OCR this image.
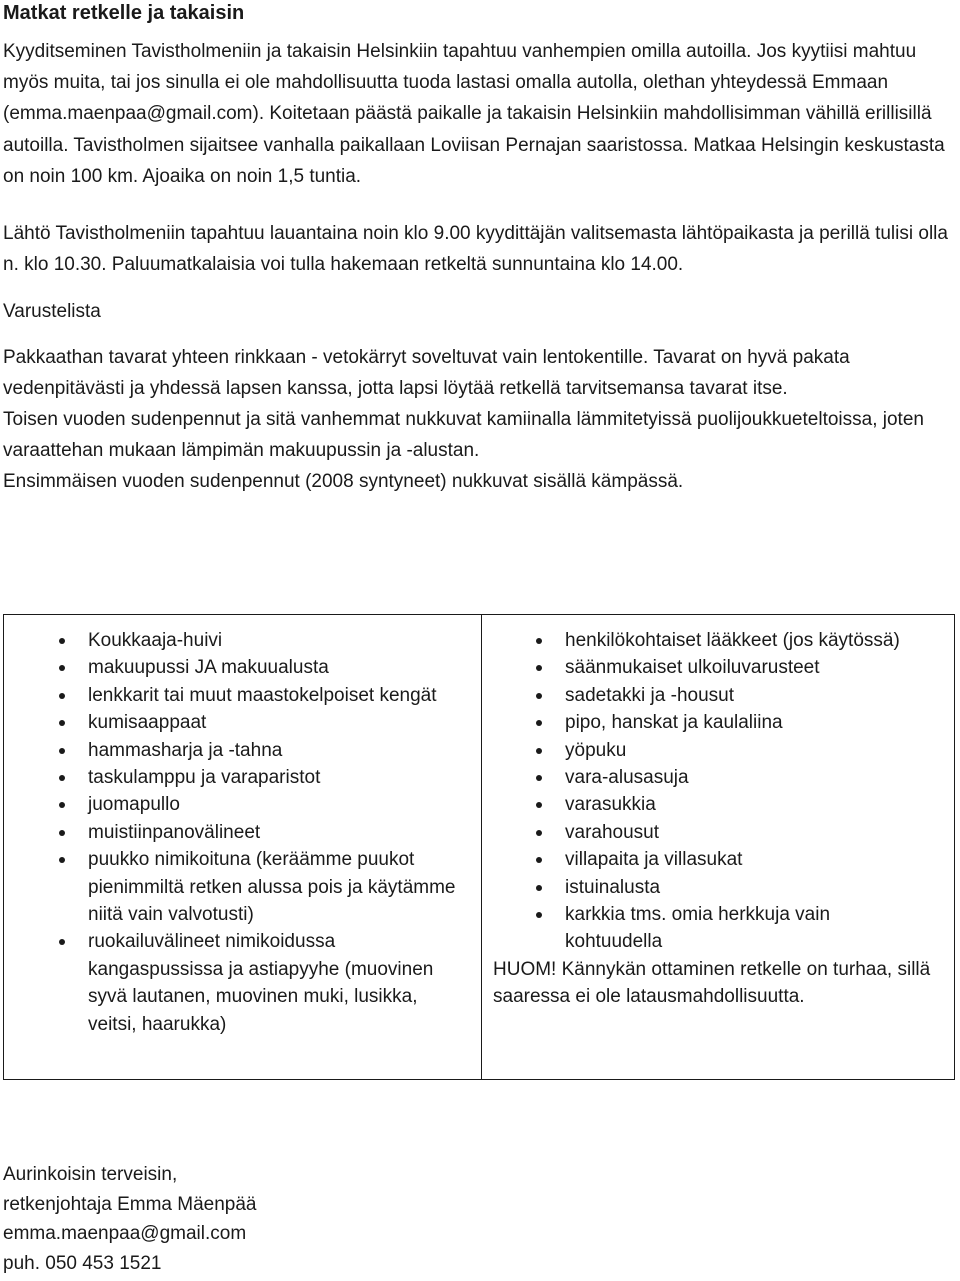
Matkat retkelle ja takaisin

Kyyditseminen Tavistholmeniin ja takaisin Helsinkiin tapahtuu vanhempien omilla autoilla. Jos kyytiisi mahtuu myös muita, tai jos sinulla ei ole mahdollisuutta tuoda lastasi omalla autolla, olethan yhteydessä Emmaan (emma.maenpaa@gmail.com). Koitetaan päästä paikalle ja takaisin Helsinkiin mahdollisimman vähillä erillisillä autoilla. Tavistholmen sijaitsee vanhalla paikallaan Loviisan Pernajan saaristossa. Matkaa Helsingin keskustasta on noin 100 km. Ajoaika on noin 1,5 tuntia.

Lähtö Tavistholmeniin tapahtuu lauantaina noin klo 9.00 kyydittäjän valitsemasta lähtöpaikasta ja perillä tulisi olla n. klo 10.30. Paluumatkalaisia voi tulla hakemaan retkeltä sunnuntaina klo 14.00.

Varustelista

Pakkaathan tavarat yhteen rinkkaan - vetokärryt soveltuvat vain lentokentille. Tavarat on hyvä pakata vedenpitävästi ja yhdessä lapsen kanssa, jotta lapsi löytää retkellä tarvitsemansa tavarat itse.

Toisen vuoden sudenpennut ja sitä vanhemmat nukkuvat kamiinalla lämmitetyissä puolijoukkueteltoissa, joten varaattehan mukaan lämpimän makuupussin ja -alustan.

Ensimmäisen vuoden sudenpennut (2008 syntyneet) nukkuvat sisällä kämpässä.

Koukkaaja-huivi
makuupussi JA makuualusta
lenkkarit tai muut maastokelpoiset kengät
kumisaappaat
hammasharja ja -tahna
taskulamppu ja varaparistot
juomapullo
muistiinpanovälineet
puukko nimikoituna (keräämme puukot pienimmiltä retken alussa pois ja käytämme niitä vain valvotusti)
ruokailuvälineet nimikoidussa kangaspussissa ja astiapyyhe (muovinen syvä lautanen, muovinen muki, lusikka, veitsi, haarukka)
henkilökohtaiset lääkkeet (jos käytössä)
säänmukaiset ulkoiluvarusteet
sadetakki ja -housut
pipo, hanskat ja kaulaliina
yöpuku
vara-alusasuja
varasukkia
varahousut
villapaita ja villasukat
istuinalusta
karkkia tms. omia herkkuja vain kohtuudella

HUOM! Kännykän ottaminen retkelle on turhaa, sillä saaressa ei ole latausmahdollisuutta.

Aurinkoisin terveisin,
retkenjohtaja Emma Mäenpää
emma.maenpaa@gmail.com
puh. 050 453 1521
